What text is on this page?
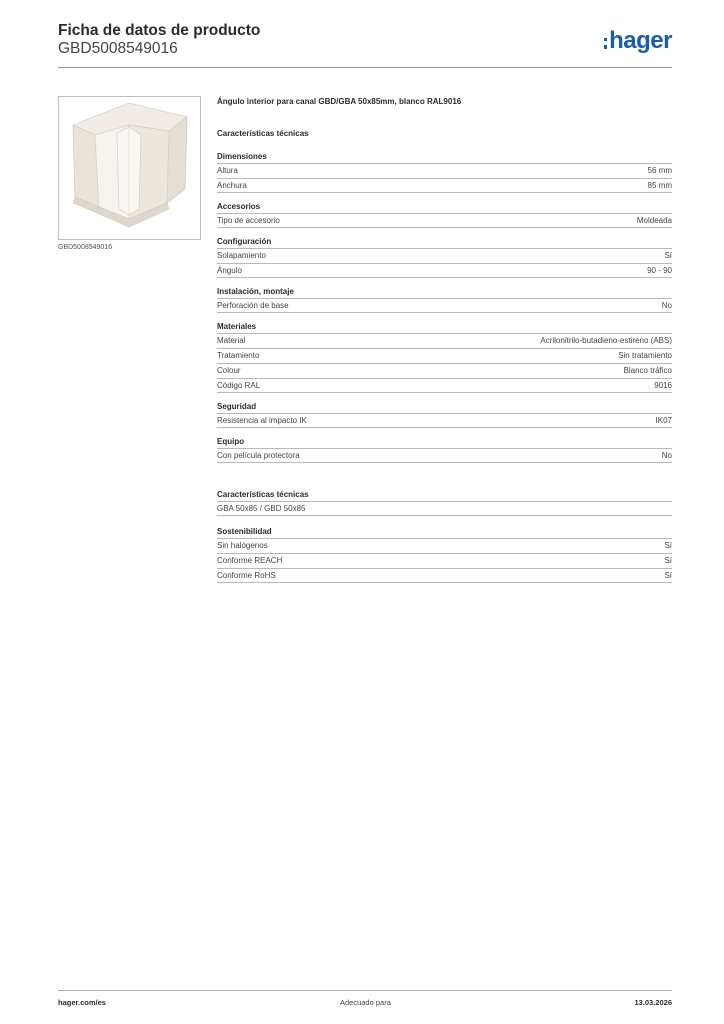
Ficha de datos de producto
GBD5008549016	hager
GBD5008549016
Ángulo interior para canal GBD/GBA 50x85mm, blanco RAL9016
Características técnicas
Dimensiones
Altura	56 mm
Anchura	85 mm
Accesorios
Tipo de accesorio	Moldeada
Configuración
Solapamiento	Sí
Ángulo	90 - 90
Instalación, montaje
Perforación de base	No
Materiales
Material	Acrilonitrilo-butadieno-estireno (ABS)
Tratamiento	Sin tratamiento
Colour	Blanco tráfico
Código RAL	9016
Seguridad
Resistencia al impacto IK	IK07
Equipo
Con película protectora	No
Características técnicas
GBA 50x85 / GBD 50x85
Sostenibilidad
Sin halógenos	Sí
Conforme REACH	Sí
Conforme RoHS	Sí
hager.com/es	Adecuado para	13.03.2026
